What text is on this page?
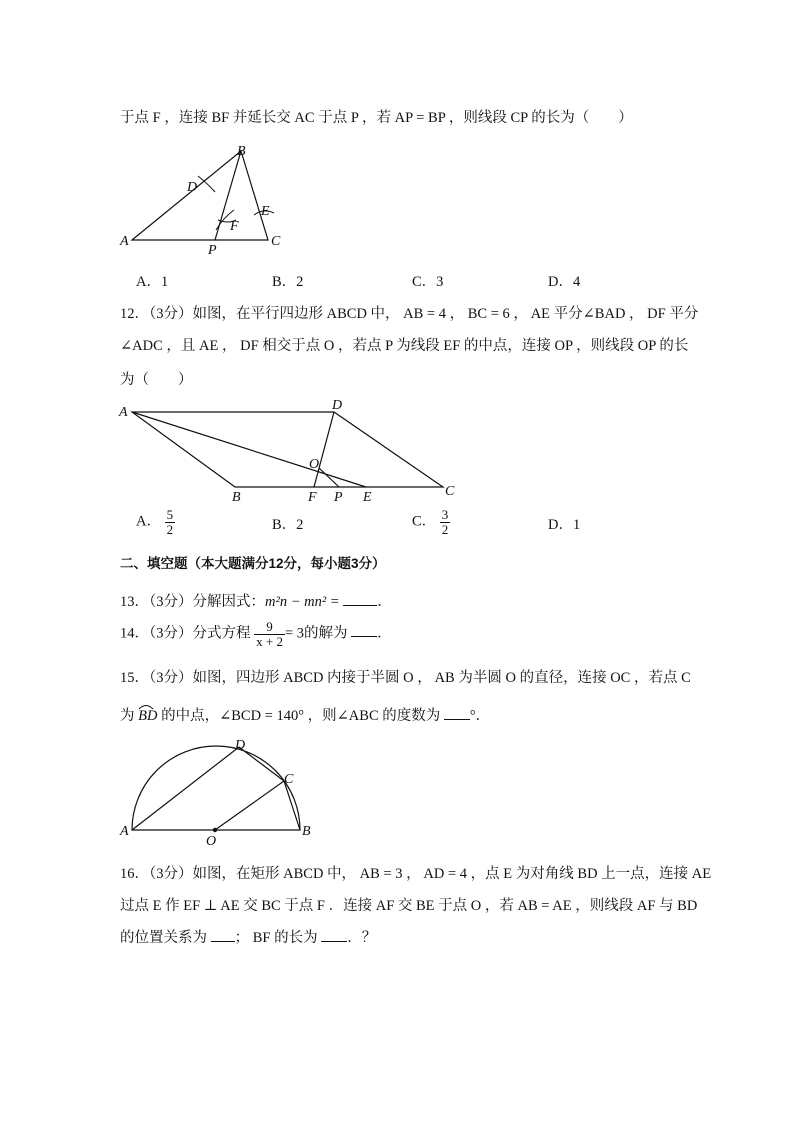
于点 F ，连接 BF 并延长交 AC 于点 P ，若 AP = BP ，则线段 CP 的长为（　　）
A
B
C
D
E
F
P
A．1	B．2	C．3	D．4
12．（3分）如图，在平行四边形 ABCD 中， AB = 4 ， BC = 6 ， AE 平分∠BAD ， DF 平分
∠ADC ，且 AE ， DF 相交于点 O ，若点 P 为线段 EF 的中点，连接 OP ，则线段 OP 的长
为（　　）
A	D
B	C
O
F P E
A． $\frac{5}{2}$	B．2	C． $\frac{3}{2}$	D．1
二、填空题（本大题满分12分，每小题3分）
13．（3分）分解因式：m²n − mn² =	．
14．（3分）分式方程 $\frac{9}{x + 2} = 3$的解为 ．
15．（3分）如图，四边形 ABCD 内接于半圆 O ， AB 为半圆 O 的直径，连接 OC ，若点 C
为 BD 的中点，∠BCD = 140° ，则∠ABC 的度数为 °．
A	B
C
D
O
16．（3分）如图，在矩形 ABCD 中， AB = 3 ， AD = 4 ，点 E 为对角线 BD 上一点，连接 AE
过点 E 作 EF ⊥ AE 交 BC 于点 F ．连接 AF 交 BE 于点 O ，若 AB = AE ，则线段 AF 与 BD
的位置关系为 ； BF 的长为 ．？
